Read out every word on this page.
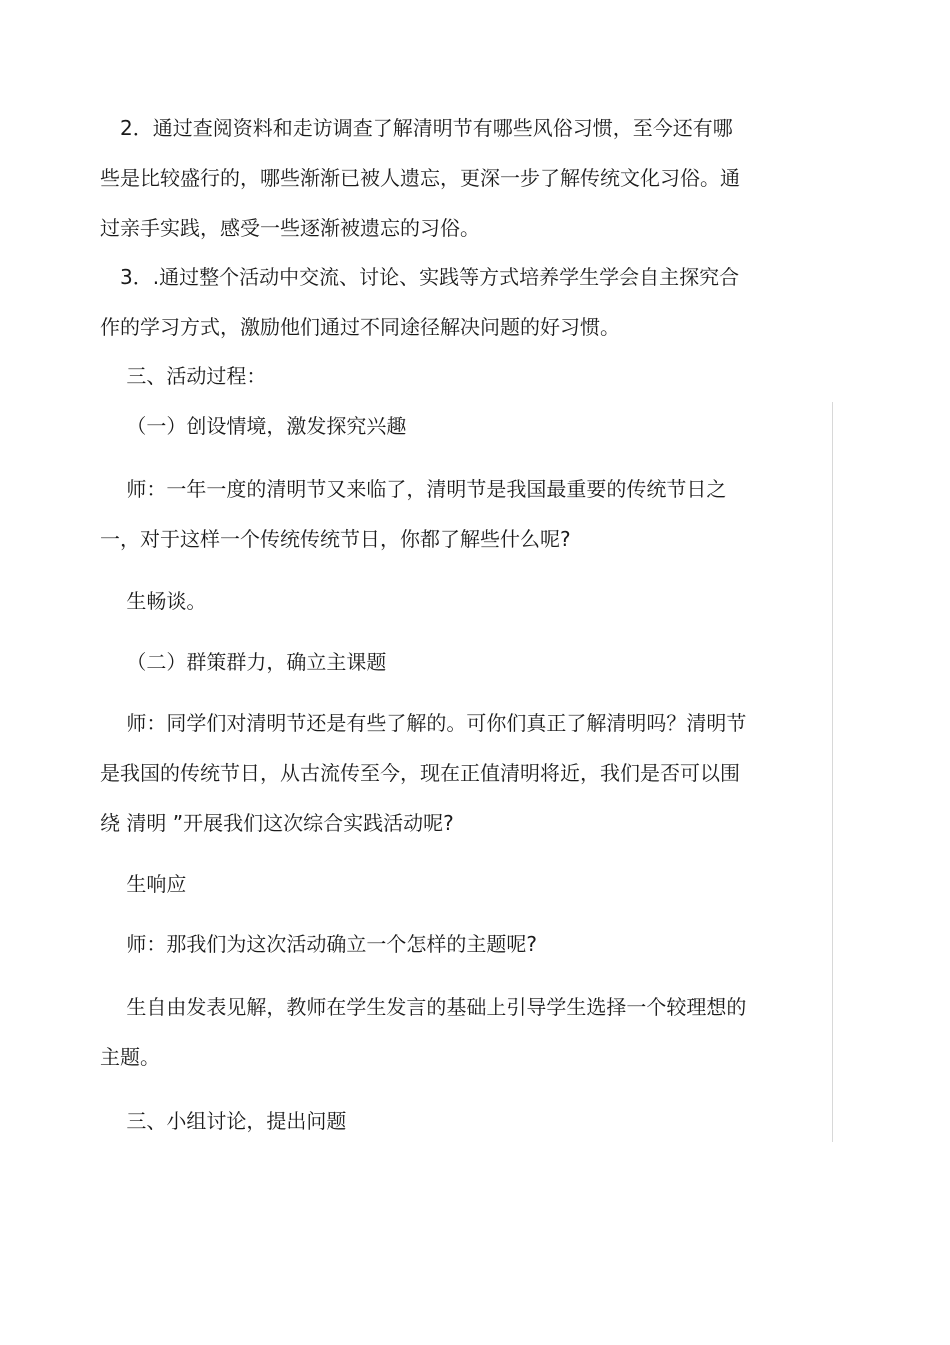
　2．通过查阅资料和走访调查了解清明节有哪些风俗习惯，至今还有哪
些是比较盛行的，哪些渐渐已被人遗忘，更深一步了解传统文化习俗。通
过亲手实践，感受一些逐渐被遗忘的习俗。

　3．.通过整个活动中交流、讨论、实践等方式培养学生学会自主探究合
作的学习方式，激励他们通过不同途径解决问题的好习惯。

　 三、活动过程：

　 （一）创设情境，激发探究兴趣

　 师：一年一度的清明节又来临了，清明节是我国最重要的传统节日之
一，对于这样一个传统传统节日，你都了解些什么呢?

　 生畅谈。

　 （二）群策群力，确立主课题

　 师：同学们对清明节还是有些了解的。可你们真正了解清明吗？清明节
是我国的传统节日，从古流传至今，现在正值清明将近，我们是否可以围
绕 清明 ”开展我们这次综合实践活动呢?

　 生响应

　 师：那我们为这次活动确立一个怎样的主题呢?

　 生自由发表见解，教师在学生发言的基础上引导学生选择一个较理想的
主题。

　 三、小组讨论，提出问题
